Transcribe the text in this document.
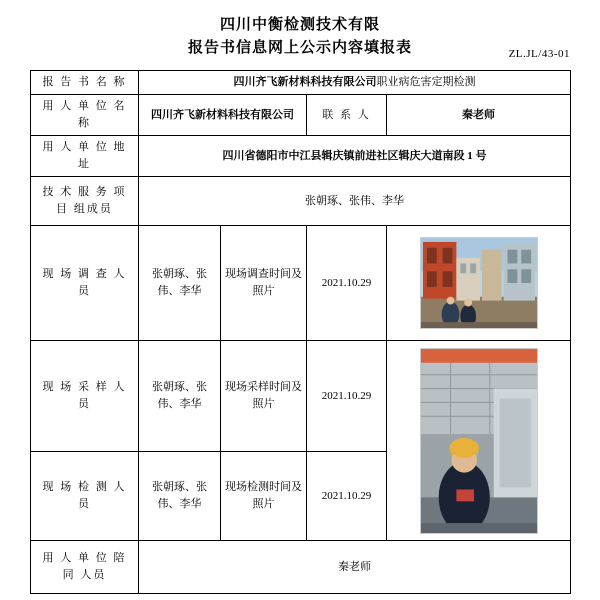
四川中衡检测技术有限
报告书信息网上公示内容填报表	ZL.JL/43-01
报 告 书 名 称	四川齐飞新材料科技有限公司职业病危害定期检测			
用 人 单 位 名 称	四川齐飞新材料科技有限公司		联 系 人	秦老师
用 人 单 位 地 址	四川省德阳市中江县辑庆镇前进社区辑庆大道南段 1 号			
技 术 服 务 项 目 组成员	张朝琢、张伟、李华			
现 场 调 查 人 员	张朝琢、张伟、李华	现场调查时间及照片	2021.10.29	

现 场 采 样 人 员	张朝琢、张伟、李华	现场采样时间及照片	2021.10.29	

现 场 检 测 人 员	张朝琢、张伟、李华	现场检测时间及照片	2021.10.29	
用 人 单 位 陪 同 人员	秦老师			
